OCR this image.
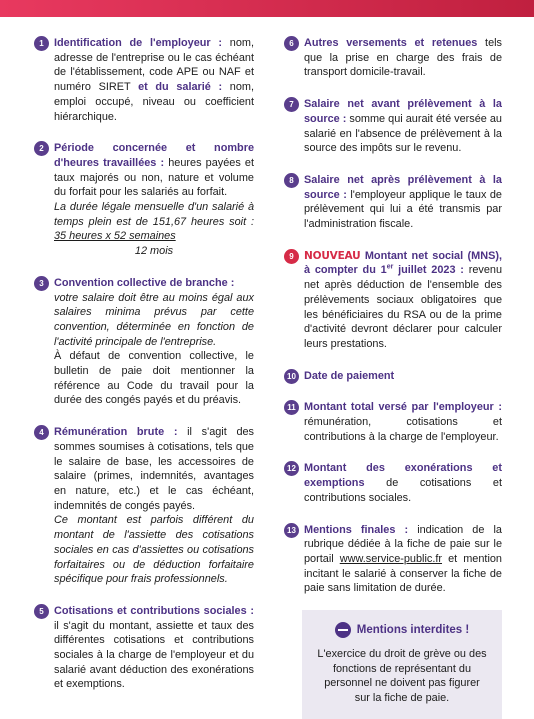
1 Identification de l'employeur : nom, adresse de l'entreprise ou le cas échéant de l'établissement, code APE ou NAF et numéro SIRET et du salarié : nom, emploi occupé, niveau ou coefficient hiérarchique.
2 Période concernée et nombre d'heures travaillées : heures payées et taux majorés ou non, nature et volume du forfait pour les salariés au forfait.
La durée légale mensuelle d'un salarié à temps plein est de 151,67 heures soit : 35 heures x 52 semaines
12 mois
3 Convention collective de branche :
votre salaire doit être au moins égal aux salaires minima prévus par cette convention, déterminée en fonction de l'activité principale de l'entreprise.
À défaut de convention collective, le bulletin de paie doit mentionner la référence au Code du travail pour la durée des congés payés et du préavis.
4 Rémunération brute : il s'agit des sommes soumises à cotisations, tels que le salaire de base, les accessoires de salaire (primes, indemnités, avantages en nature, etc.) et le cas échéant, indemnités de congés payés.
Ce montant est parfois différent du montant de l'assiette des cotisations sociales en cas d'assiettes ou cotisations forfaitaires ou de déduction forfaitaire spécifique pour frais professionnels.
5 Cotisations et contributions sociales : il s'agit du montant, assiette et taux des différentes cotisations et contributions sociales à la charge de l'employeur et du salarié avant déduction des exonérations et exemptions.
6 Autres versements et retenues tels que la prise en charge des frais de transport domicile-travail.
7 Salaire net avant prélèvement à la source : somme qui aurait été versée au salarié en l'absence de prélèvement à la source des impôts sur le revenu.
8 Salaire net après prélèvement à la source : l'employeur applique le taux de prélèvement qui lui a été transmis par l'administration fiscale.
9 NOUVEAU Montant net social (MNS), à compter du 1er juillet 2023 : revenu net après déduction de l'ensemble des prélèvements sociaux obligatoires que les bénéficiaires du RSA ou de la prime d'activité devront déclarer pour calculer leurs prestations.
10 Date de paiement
11 Montant total versé par l'employeur : rémunération, cotisations et contributions à la charge de l'employeur.
12 Montant des exonérations et exemptions de cotisations et contributions sociales.
13 Mentions finales : indication de la rubrique dédiée à la fiche de paie sur le portail www.service-public.fr et mention incitant le salarié à conserver la fiche de paie sans limitation de durée.
Mentions interdites !
L'exercice du droit de grève ou des fonctions de représentant du personnel ne doivent pas figurer sur la fiche de paie.
